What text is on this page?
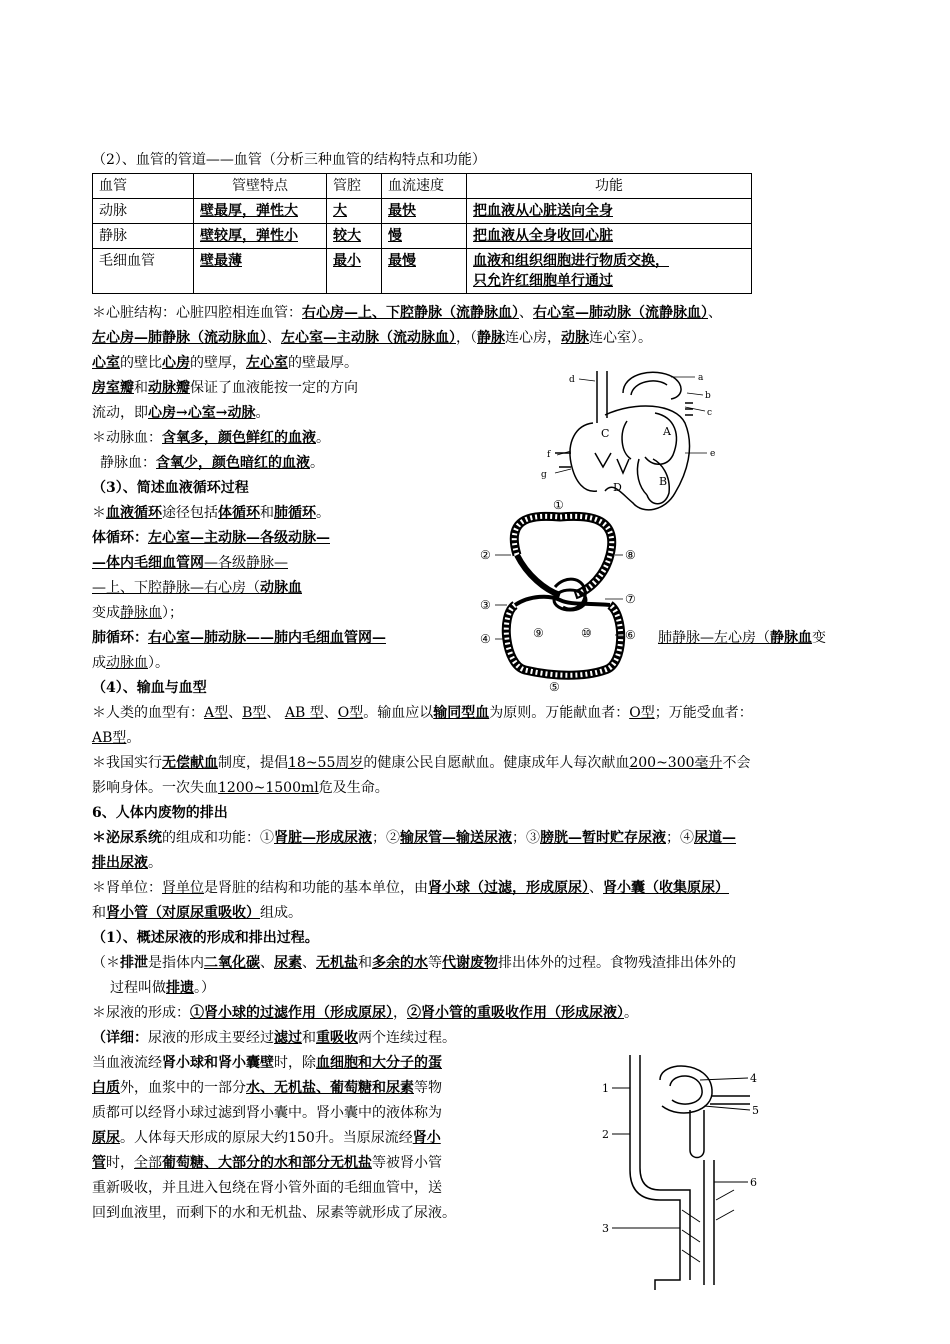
（2）、血管的管道——血管（分析三种血管的结构特点和功能）
血管	管壁特点	管腔	血流速度	功能
动脉	壁最厚，弹性大	大	最快	把血液从心脏送向全身
静脉	壁较厚，弹性小	较大	慢	把血液从全身收回心脏
毛细血管	壁最薄	最小	最慢	血液和组织细胞进行物质交换，
只允许红细胞单行通过
＊心脏结构：心脏四腔相连血管：右心房—上、下腔静脉（流静脉血）、右心室—肺动脉（流静脉血）、
左心房—肺静脉（流动脉血）、左心室—主动脉（流动脉血），（静脉连心房，动脉连心室）。
心室的壁比心房的壁厚，左心室的壁最厚。
房室瓣和动脉瓣保证了血液能按一定的方向
流动，即心房→心室→动脉。
＊动脉血：含氧多，颜色鲜红的血液。
静脉血：含氧少，颜色暗红的血液。
a
b
c
d
e
f
g
A
B
C
D
（3）、简述血液循环过程
＊血液循环途径包括体循环和肺循环。
体循环：左心室—主动脉—各级动脉—
—体内毛细血管网—各级静脉—
—上、下腔静脉—右心房（动脉血
变成静脉血）；
肺循环：右心室—肺动脉——肺内毛细血管网—	肺静脉—左心房（静脉血变
成动脉血）。
①
②
③
④
⑤
⑥
⑦
⑧
⑨	⑩
（4）、输血与血型
＊人类的血型有：A型、B型、 AB 型、O型。输血应以输同型血为原则。万能献血者：O型；万能受血者：
AB型。
＊我国实行无偿献血制度，提倡18~55周岁的健康公民自愿献血。健康成年人每次献血200~300毫升不会
影响身体。一次失血1200~1500ml危及生命。
6、人体内废物的排出
＊泌尿系统的组成和功能：①肾脏—形成尿液；②输尿管—输送尿液；③膀胱—暂时贮存尿液；④尿道—
排出尿液。
＊肾单位：肾单位是肾脏的结构和功能的基本单位，由肾小球（过滤，形成原尿）、肾小囊（收集原尿）
和肾小管（对原尿重吸收）组成。
（1）、概述尿液的形成和排出过程。
（＊排泄是指体内二氧化碳、尿素、无机盐和多余的水等代谢废物排出体外的过程。食物残渣排出体外的
过程叫做排遗。）
＊尿液的形成：①肾小球的过滤作用（形成原尿），②肾小管的重吸收作用（形成尿液）。
（详细：尿液的形成主要经过滤过和重吸收两个连续过程。
当血液流经肾小球和肾小囊壁时，除血细胞和大分子的蛋
白质外，血浆中的一部分水、无机盐、葡萄糖和尿素等物
质都可以经肾小球过滤到肾小囊中。肾小囊中的液体称为
原尿。人体每天形成的原尿大约150升。当原尿流经肾小
管时，全部葡萄糖、大部分的水和部分无机盐等被肾小管
重新吸收，并且进入包绕在肾小管外面的毛细血管中，送
回到血液里，而剩下的水和无机盐、尿素等就形成了尿液。
1
2
3
4
5
6
